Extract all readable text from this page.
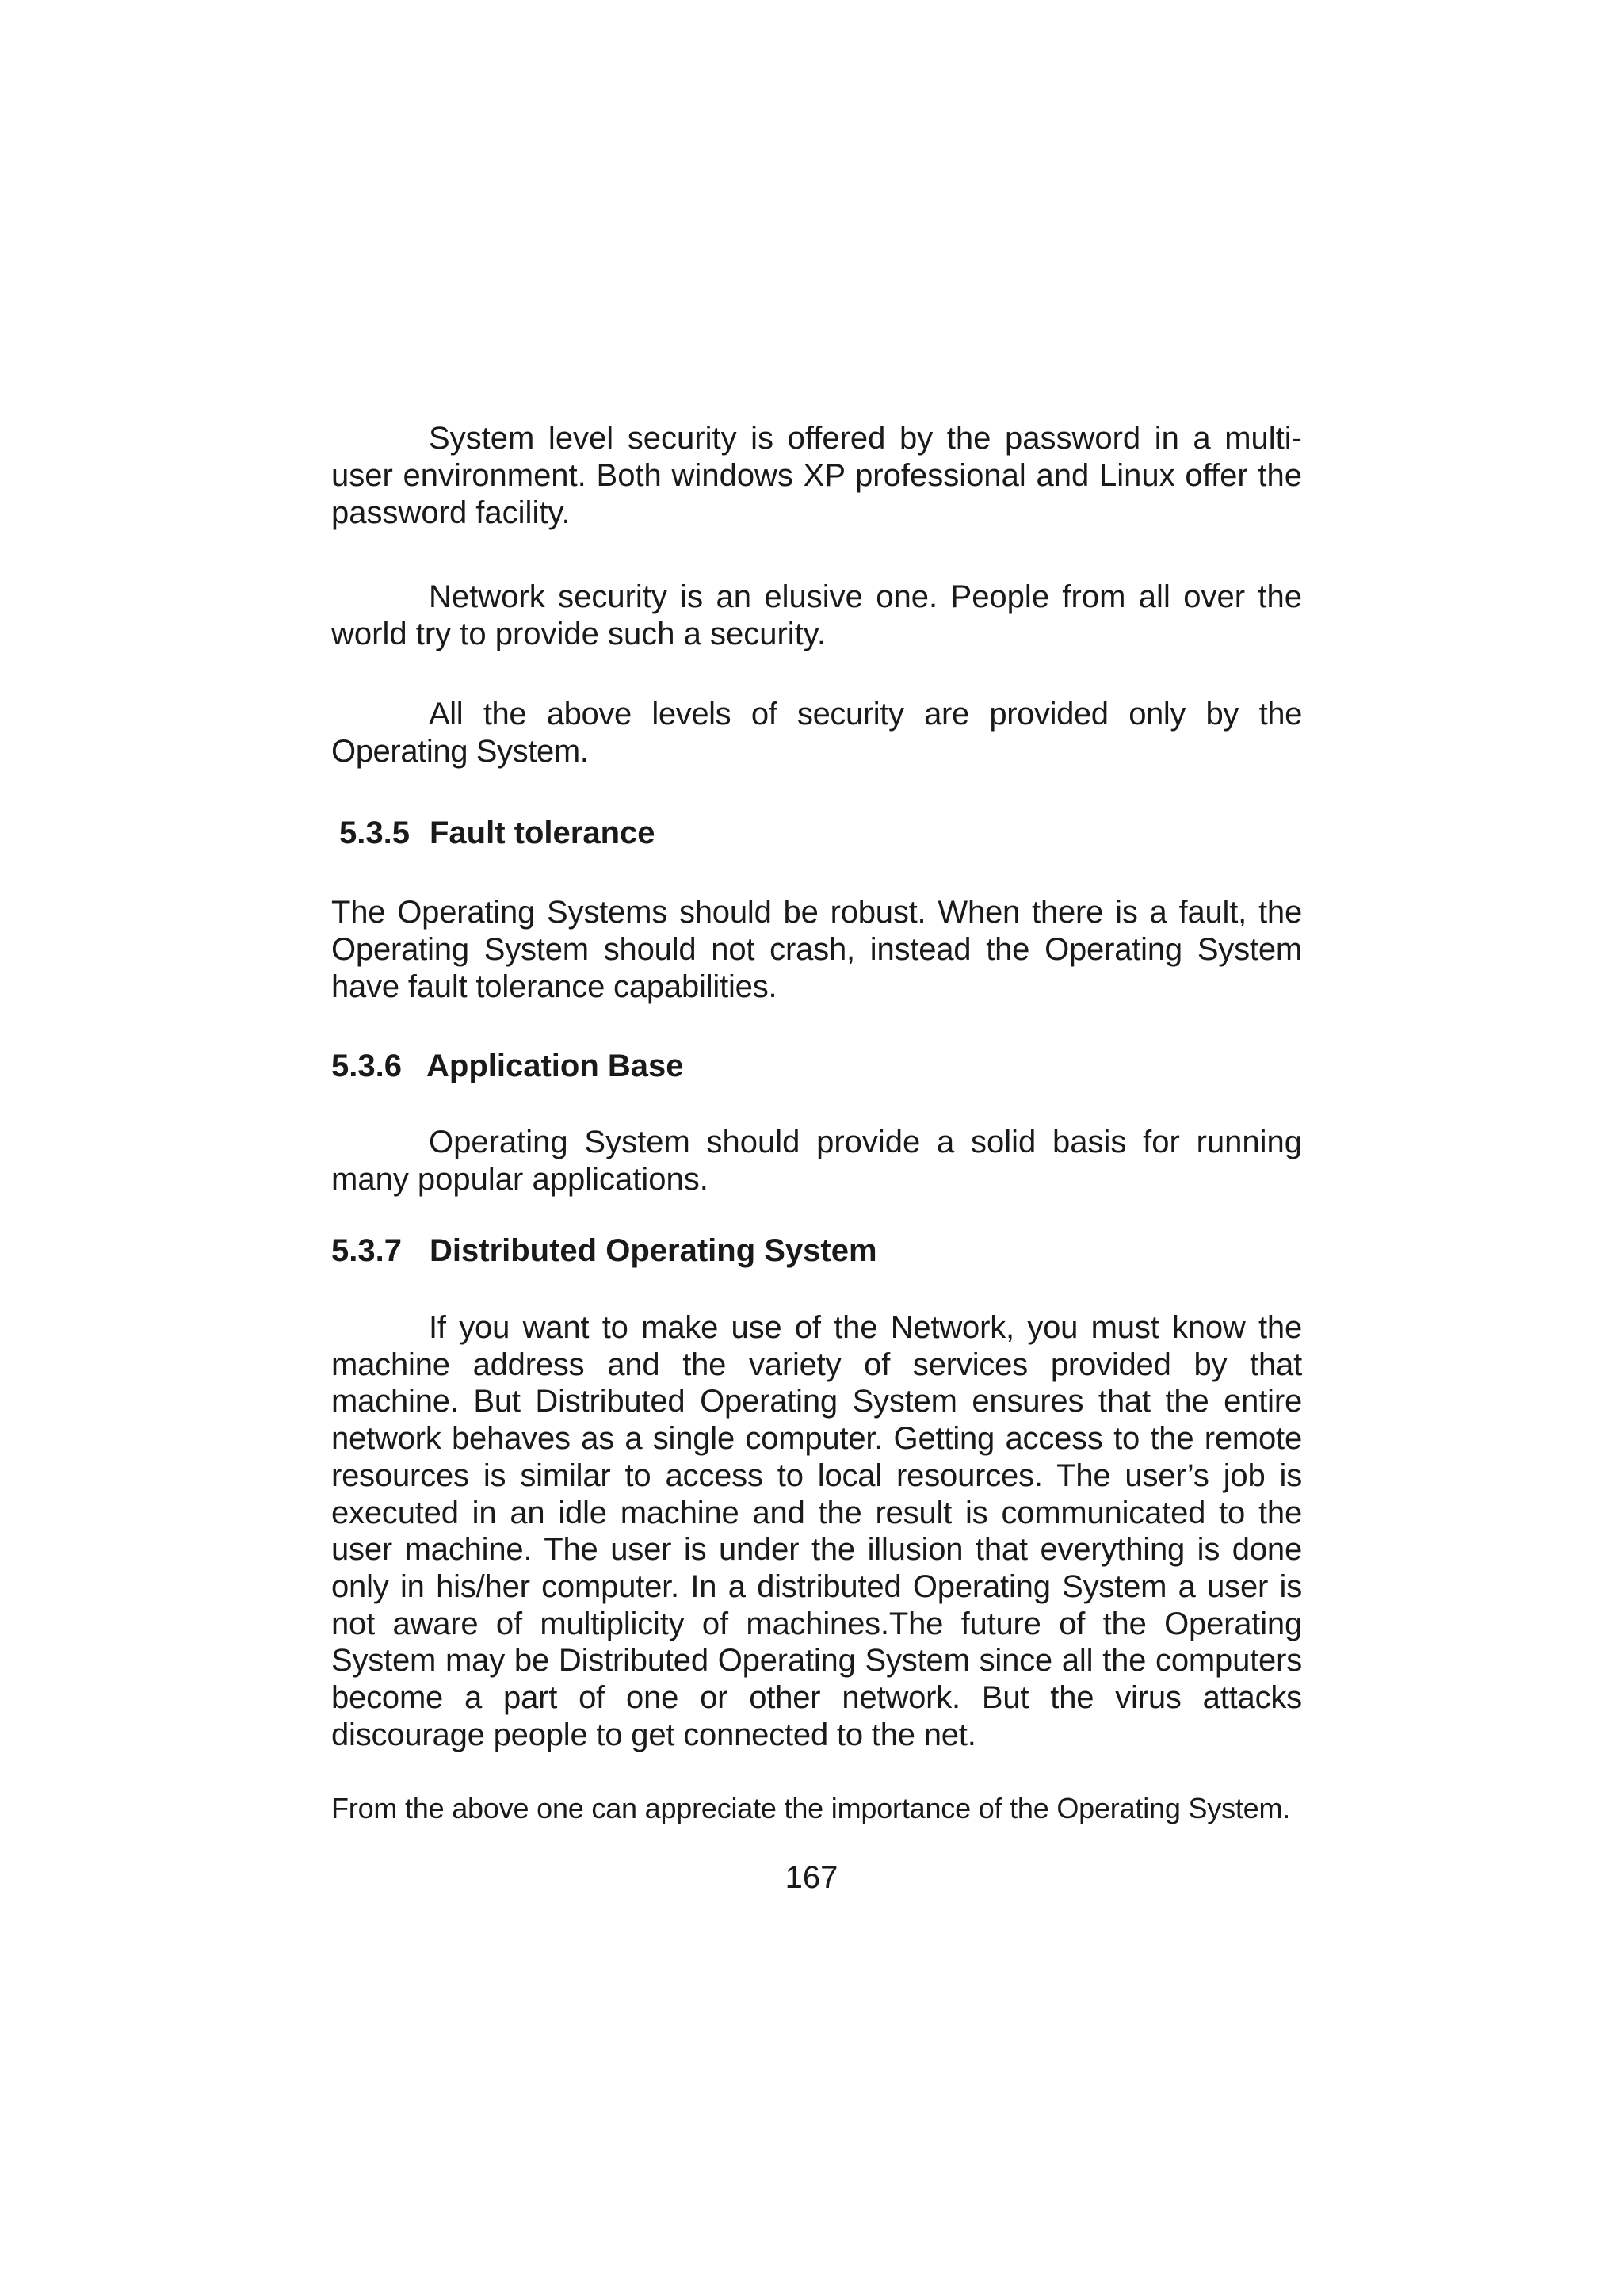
System level security is offered by the password in a multi-user environment. Both windows XP professional and Linux offer the password facility.

Network security is an elusive one. People from all over the world try to provide such a security.

All the above levels of security are provided only by the Operating System.

5.3.5 Fault tolerance

The Operating Systems should be robust. When there is a fault, the Operating System should not crash, instead the Operating System have fault tolerance capabilities.

5.3.6 Application Base

Operating System should provide a solid basis for running many popular applications.

5.3.7 Distributed Operating System

If you want to make use of the Network, you must know the machine address and the variety of services provided by that machine. But Distributed Operating System ensures that the entire network behaves as a single computer. Getting access to the remote resources is similar to access to local resources. The user’s job is executed in an idle machine and the result is communicated to the user machine. The user is under the illusion that everything is done only in his/her computer. In a distributed Operating System a user is not aware of multiplicity of machines.The future of the Operating System may be Distributed Operating System since all the computers become a part of one or other network. But the virus attacks discourage people to get connected to the net.

From the above one can appreciate the importance of the Operating System.

167
